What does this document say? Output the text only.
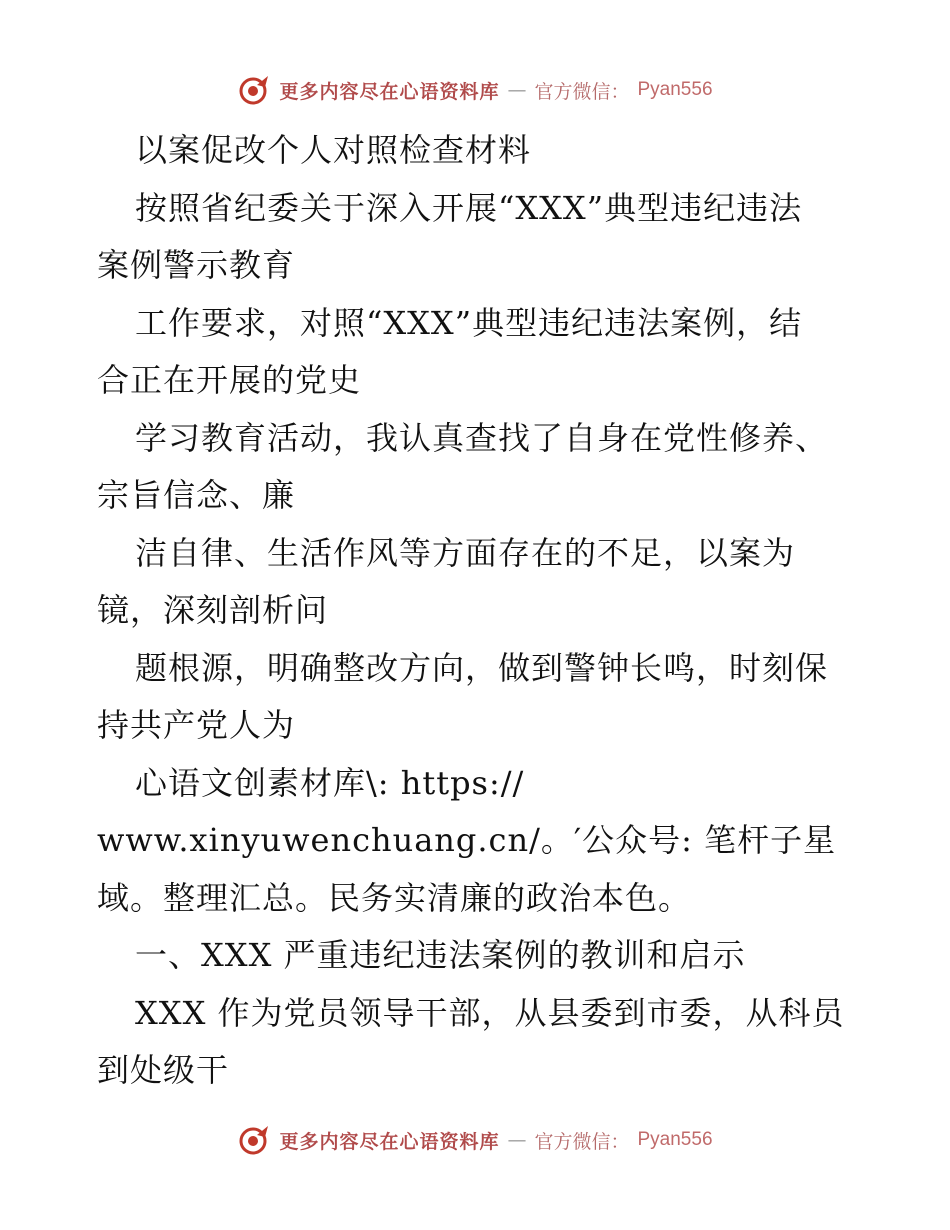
更多内容尽在心语资料库 — 官方微信： Pyan556
以案促改个人对照检查材料
按照省纪委关于深入开展“XXX”典型违纪违法
案例警示教育
工作要求，对照“XXX”典型违纪违法案例，结
合正在开展的党史
学习教育活动，我认真查找了自身在党性修养、
宗旨信念、廉
洁自律、生活作风等方面存在的不足，以案为
镜，深刻剖析问
题根源，明确整改方向，做到警钟长鸣，时刻保
持共产党人为
心语文创素材库\: https://
www.xinyuwenchuang.cn/。′公众号: 笔杆子星
域。整理汇总。民务实清廉的政治本色。
一、XXX 严重违纪违法案例的教训和启示
XXX 作为党员领导干部，从县委到市委，从科员
到处级干
更多内容尽在心语资料库 — 官方微信： Pyan556
